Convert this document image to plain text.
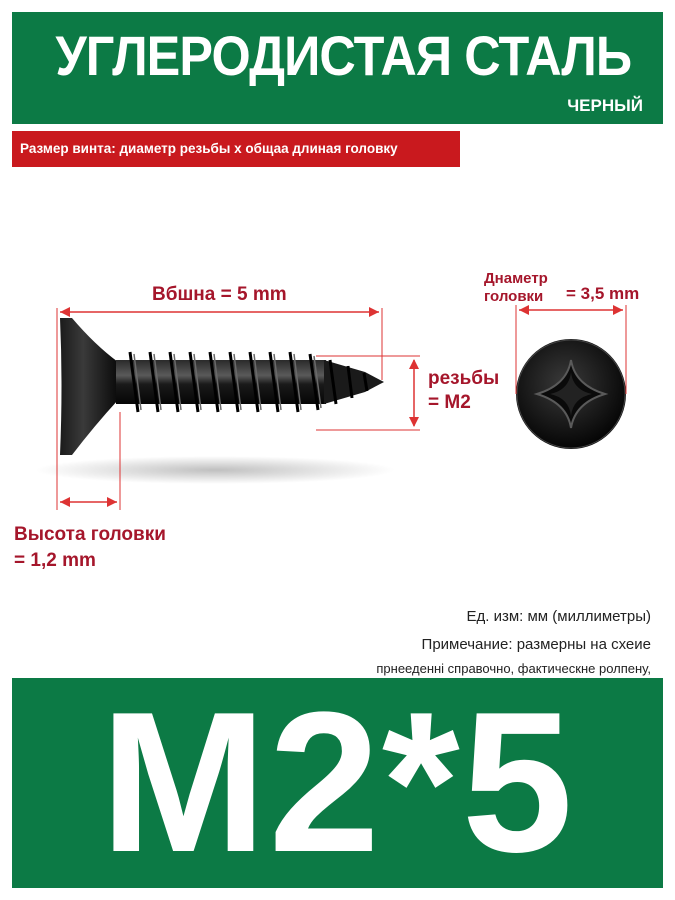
УГЛЕРОДИСТАЯ СТАЛЬ
ЧЕРНЫЙ
Размер винта: диаметр резьбы x общаа длиная головку
Вбшна = 5 mm
резьбы
= M2
Высота головки
= 1,2 mm
Днаметр
головки = 3,5 mm
Ед. изм: мм (миллиметры)
Примечание: размерны на схеие
прнееденні справочно, фактическне ролпену,
M2*5
